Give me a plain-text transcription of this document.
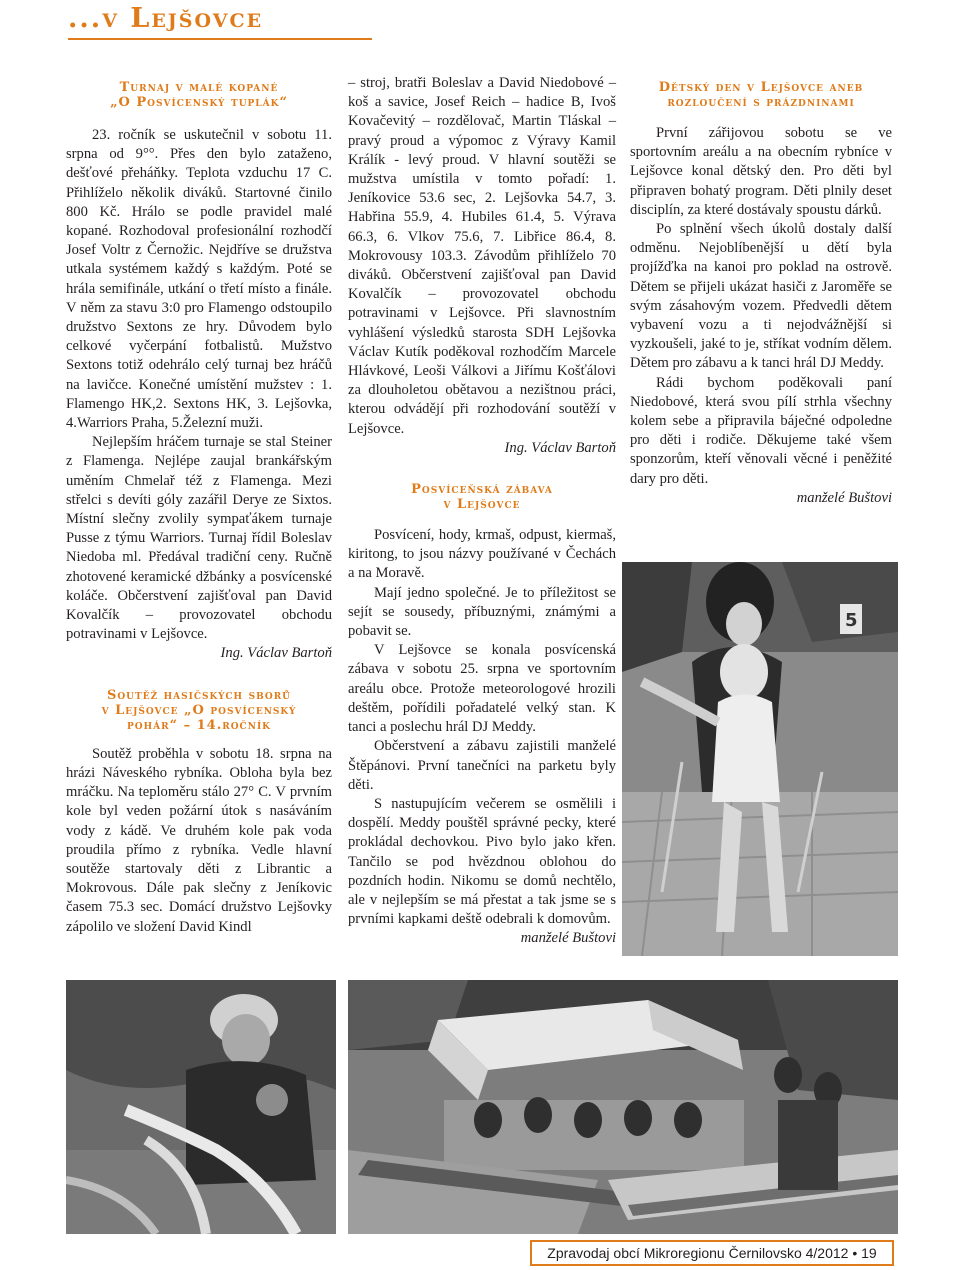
...v Lejšovce
Turnaj v malé kopané
„O Posvícenský tuplák“

23. ročník se uskutečnil v sobotu 11. srpna od 9°°. Přes den bylo zataženo, dešťové přeháňky. Teplota vzduchu 17 C. Přihlíželo několik diváků. Startovné činilo 800 Kč. Hrálo se podle pravidel malé kopané. Rozhodoval profesionální rozhodčí Josef Voltr z Černožic. Nejdříve se družstva utkala systémem každý s každým. Poté se hrála semifinále, utkání o třetí místo a finále. V něm za stavu 3:0 pro Flamengo odstoupilo družstvo Sextons ze hry. Důvodem bylo celkové vyčerpání fotbalistů. Mužstvo Sextons totiž odehrálo celý turnaj bez hráčů na lavičce. Konečné umístění mužstev : 1. Flamengo HK,2. Sextons HK, 3. Lejšovka, 4.Warriors Praha, 5.Železní muži.

Nejlepším hráčem turnaje se stal Steiner z Flamenga. Nejlépe zaujal brankářským uměním Chmelař též z Flamenga. Mezi střelci s devíti góly zazářil Derye ze Sixtos. Místní slečny zvolily sympaťákem turnaje Pusse z týmu Warriors. Turnaj řídil Boleslav Niedoba ml. Předával tradiční ceny. Ručně zhotovené keramické džbánky a posvícenské koláče. Občerstvení zajišťoval pan David Kovalčík – provozovatel obchodu potravinami v Lejšovce.

Ing. Václav Bartoň

Soutěž hasičských sborů
v Lejšovce „O posvícenský
pohár“ – 14.ročník

Soutěž proběhla v sobotu 18. srpna na hrázi Náveského rybníka. Obloha byla bez mráčku. Na teploměru stálo 27° C. V prvním kole byl veden požární útok s nasáváním vody z kádě. Ve druhém kole pak voda proudila přímo z rybníka. Vedle hlavní soutěže startovaly děti z Librantic a Mokrovous. Dále pak slečny z Jeníkovic časem 75.3 sec. Domácí družstvo Lejšovky zápolilo ve složení David Kindl

– stroj, bratři Boleslav a David Niedobové – koš a savice, Josef Reich – hadice B, Ivoš Kovačevitý – rozdělovač, Martin Tláskal – pravý proud a výpomoc z Výravy Kamil Králík - levý proud. V hlavní soutěži se mužstva umístila v tomto pořadí: 1. Jeníkovice 53.6 sec, 2. Lejšovka 54.7, 3. Habřina 55.9, 4. Hubiles 61.4, 5. Výrava 66.3, 6. Vlkov 75.6, 7. Libřice 86.4, 8. Mokrovousy 103.3. Závodům přihlíželo 70 diváků. Občerstvení zajišťoval pan David Kovalčík – provozovatel obchodu potravinami v Lejšovce. Při slavnostním vyhlášení výsledků starosta SDH Lejšovka Václav Kutík poděkoval rozhodčím Marcele Hlávkové, Leoši Válkovi a Jiřímu Košťálovi za dlouholetou obětavou a nezištnou práci, kterou odvádějí při rozhodování soutěží v Lejšovce.

Ing. Václav Bartoň

Posvíceňská zábava
v Lejšovce

Posvícení, hody, krmaš, odpust, kiermaš, kiritong, to jsou názvy používané v Čechách a na Moravě.

Mají jedno společné. Je to příležitost se sejít se sousedy, příbuznými, známými a pobavit se.

V Lejšovce se konala posvícenská zábava v sobotu 25. srpna ve sportovním areálu obce. Protože meteorologové hrozili deštěm, pořídili pořadatelé velký stan. K tanci a poslechu hrál DJ Meddy.

Občerstvení a zábavu zajistili manželé Štěpánovi. První tanečníci na parketu byly děti.

S nastupujícím večerem se osmělili i dospělí. Meddy pouštěl správné pecky, které prokládal dechovkou. Pivo bylo jako křen. Tančilo se pod hvězdnou oblohou do pozdních hodin. Nikomu se domů nechtělo, ale v nejlepším se má přestat a tak jsme se s prvními kapkami deště odebrali k domovům.

manželé Buštovi

Dětský den v Lejšovce aneb
rozloučení s prázdninami

První zářijovou sobotu se ve sportovním areálu a na obecním rybníce v Lejšovce konal dětský den. Pro děti byl připraven bohatý program. Děti plnily deset disciplín, za které dostávaly spoustu dárků.

Po splnění všech úkolů dostaly další odměnu. Nejoblíbenější u dětí byla projížďka na kanoi pro poklad na ostrově. Dětem se přijeli ukázat hasiči z Jaroměře se svým zásahovým vozem. Předvedli dětem vybavení vozu a ti nejodvážnější si vyzkoušeli, jaké to je, stříkat vodním dělem. Dětem pro zábavu a k tanci hrál DJ Meddy.

Rádi bychom poděkovali paní Niedobové, která svou pílí strhla všechny kolem sebe a připravila báječné odpoledne pro děti i rodiče. Děkujeme také všem sponzorům, kteří věnovali věcné i peněžité dary pro děti.

manželé Buštovi

5
Zpravodaj obcí Mikroregionu Černilovsko 4/2012 • 19
